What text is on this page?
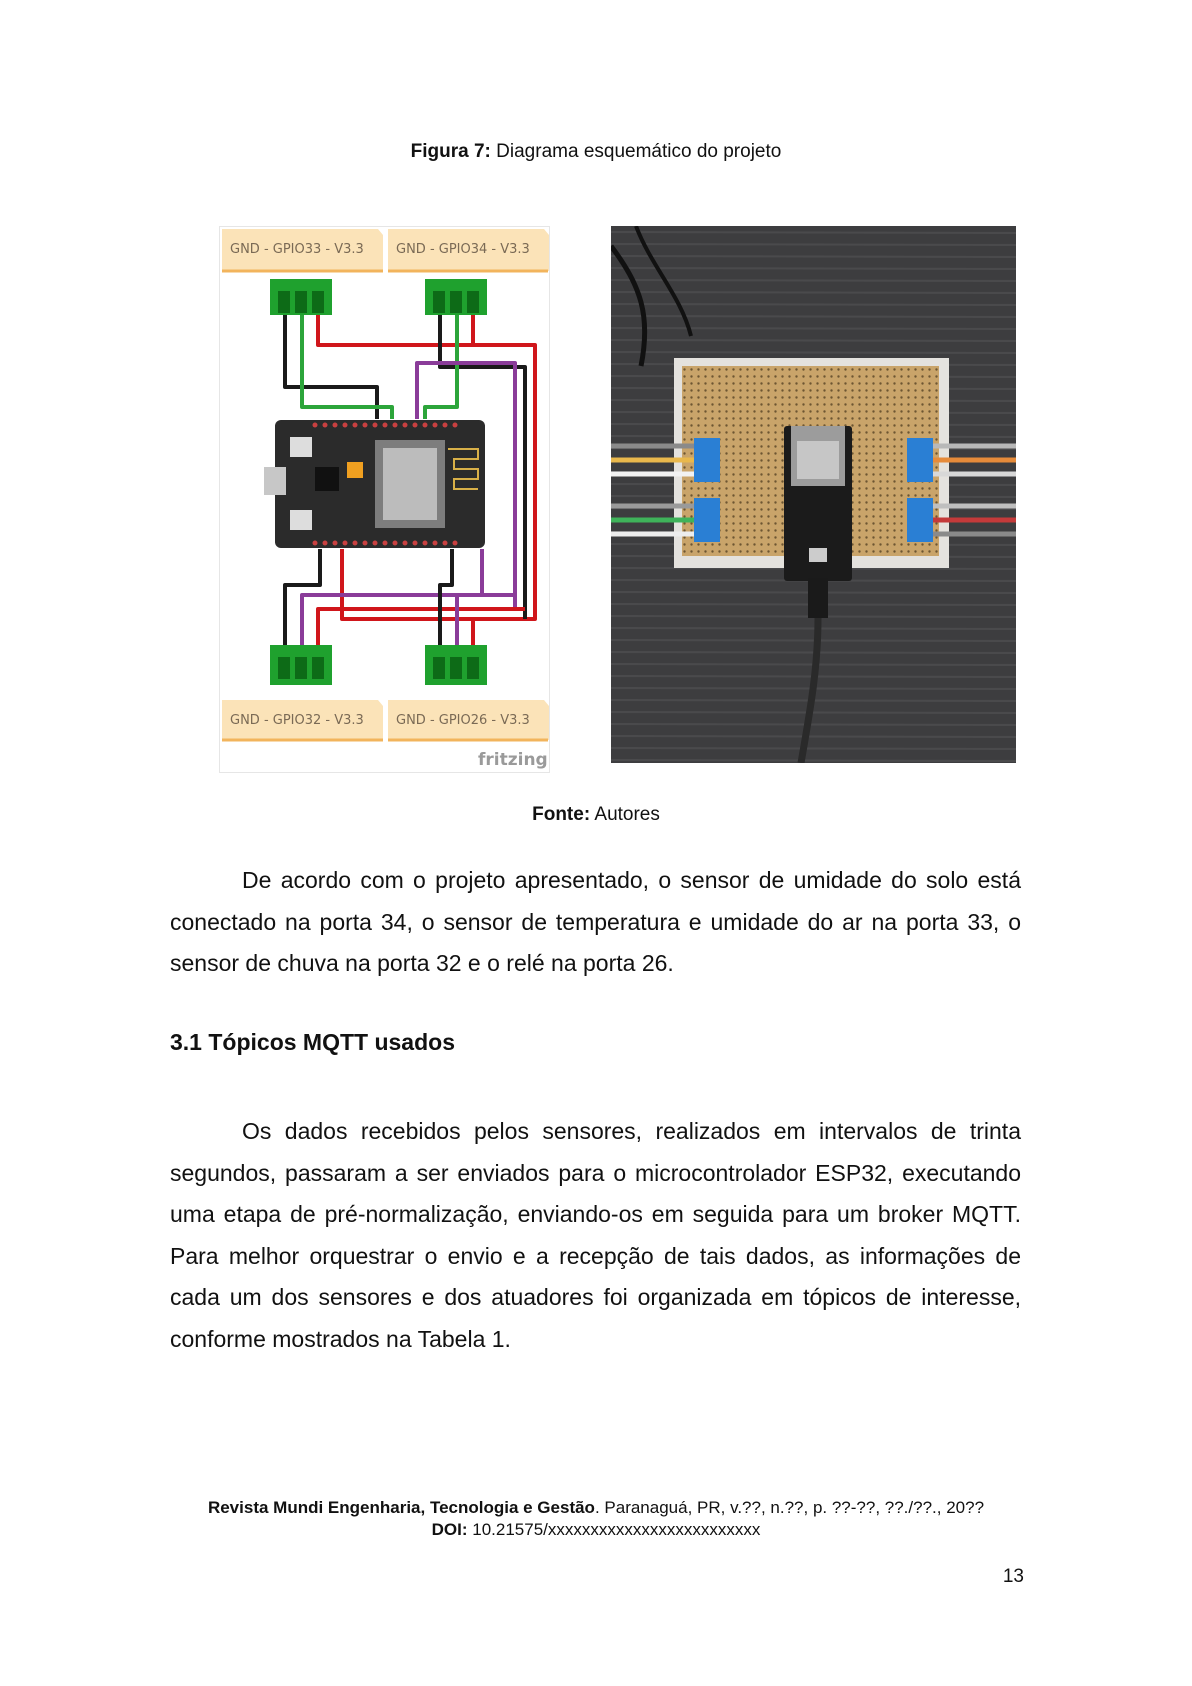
Figura 7: Diagrama esquemático do projeto
GND - GPIO33 - V3.3 GND - GPIO34 - V3.3
GND - GPIO32 - V3.3 GND - GPIO26 - V3.3
fritzing
Fonte: Autores
De acordo com o projeto apresentado, o sensor de umidade do solo está conectado na porta 34, o sensor de temperatura e umidade do ar na porta 33, o sensor de chuva na porta 32 e o relé na porta 26.
3.1 Tópicos MQTT usados
Os dados recebidos pelos sensores, realizados em intervalos de trinta segundos, passaram a ser enviados para o microcontrolador ESP32, executando uma etapa de pré-normalização, enviando-os em seguida para um broker MQTT. Para melhor orquestrar o envio e a recepção de tais dados, as informações de cada um dos sensores e dos atuadores foi organizada em tópicos de interesse, conforme mostrados na Tabela 1.
Revista Mundi Engenharia, Tecnologia e Gestão. Paranaguá, PR, v.??, n.??, p. ??-??, ??./??., 20??
DOI: 10.21575/xxxxxxxxxxxxxxxxxxxxxxxxx
13
